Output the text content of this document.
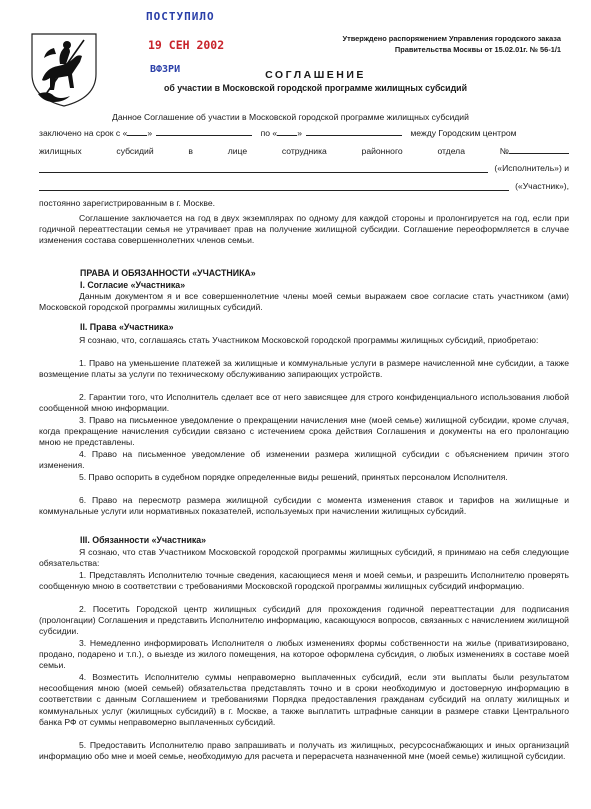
ПОСТУПИЛО
19 СЕН 2002
ВФЗРИ
Утверждено распоряжением Управления городского заказа
Правительства Москвы от 15.02.01г. № 56-1/1
СОГЛАШЕНИЕ
об участии в Московской городской программе жилищных субсидий
Данное Соглашение об участии в Московской городской программе жилищных субсидий
заключено на срок с « »	по « »	между Городским центром
жилищных	субсидий	в	лице	сотрудника	районного	отдела	№
(«Исполнитель») и
(«Участник»),
постоянно зарегистрированным в г. Москве.

Соглашение заключается на год в двух экземплярах по одному для каждой стороны и пролонгируется на год, если при годичной переаттестации семья не утрачивает прав на получение жилищной субсидии. Соглашение переоформляется в случае изменения состава совершеннолетних членов семьи.

ПРАВА И ОБЯЗАННОСТИ «УЧАСТНИКА»
I. Согласие «Участника»

Данным документом я и все совершеннолетние члены моей семьи выражаем свое согласие стать участником (ами) Московской городской программы жилищных субсидий.

II. Права «Участника»

Я сознаю, что, соглашаясь стать Участником Московской городской программы жилищных субсидий, приобретаю:

1. Право на уменьшение платежей за жилищные и коммунальные услуги в размере начисленной мне субсидии, а также возмещение платы за услуги по техническому обслуживанию запирающих устройств.

2. Гарантии того, что Исполнитель сделает все от него зависящее для строго конфиденциального использования любой сообщенной мною информации.

3. Право на письменное уведомление о прекращении начисления мне (моей семье) жилищной субсидии, кроме случая, когда прекращение начисления субсидии связано с истечением срока действия Соглашения и документы на его пролонгацию мною не представлены.

4. Право на письменное уведомление об изменении размера жилищной субсидии с объяснением причин этого изменения.

5. Право оспорить в судебном порядке определенные виды решений, принятых персоналом Исполнителя.

6. Право на пересмотр размера жилищной субсидии с момента изменения ставок и тарифов на жилищные и коммунальные услуги или нормативных показателей, используемых при начислении жилищных субсидий.

III. Обязанности «Участника»

Я сознаю, что став Участником Московской городской программы жилищных субсидий, я принимаю на себя следующие обязательства:

1. Представлять Исполнителю точные сведения, касающиеся меня и моей семьи, и разрешить Исполнителю проверять сообщенную мною в соответствии с требованиями Московской городской программы жилищных субсидий информацию.

2. Посетить Городской центр жилищных субсидий для прохождения годичной переаттестации для подписания (пролонгации) Соглашения и представить Исполнителю информацию, касающуюся вопросов, связанных с начислением жилищной субсидии.

3. Немедленно информировать Исполнителя о любых изменениях формы собственности на жилье (приватизировано, продано, подарено и т.п.), о выезде из жилого помещения, на которое оформлена субсидия, о любых изменениях в составе моей семьи.

4. Возместить Исполнителю суммы неправомерно выплаченных субсидий, если эти выплаты были результатом несообщения мною (моей семьей) обязательства представлять точно и в сроки необходимую и достоверную информацию в соответствии с данным Соглашением и требованиями Порядка предоставления гражданам субсидий на оплату жилищных и коммунальных услуг (жилищных субсидий) в г. Москве, а также выплатить штрафные санкции в размере ставки Центрального банка РФ от суммы неправомерно выплаченных субсидий.

5. Предоставить Исполнителю право запрашивать и получать из жилищных, ресурсоснабжающих и иных организаций информацию обо мне и моей семье, необходимую для расчета и перерасчета назначенной мне (моей семье) жилищной субсидии.
